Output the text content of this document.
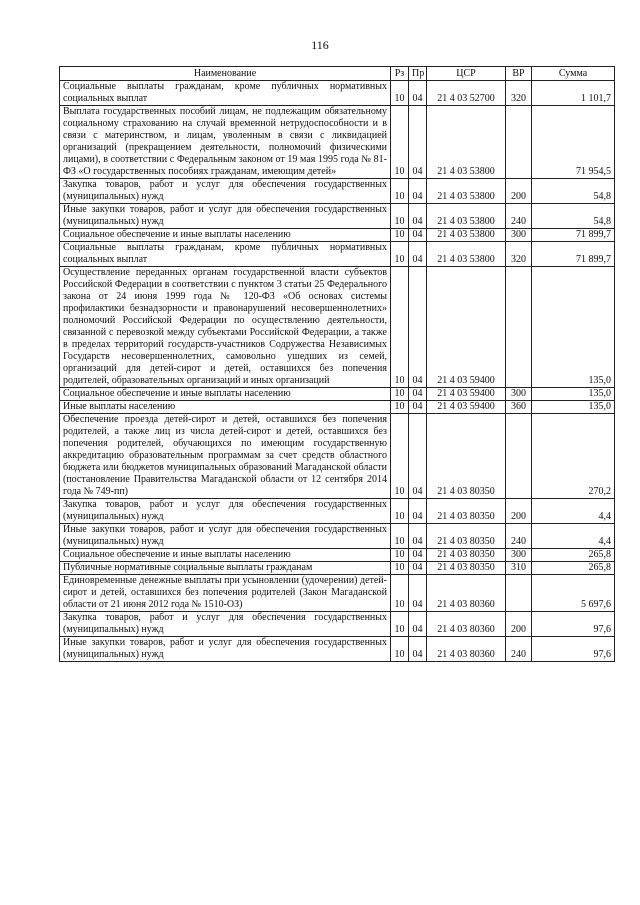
116
Наименование	Рз	Пр	ЦСР	ВР	Сумма
Социальные выплаты гражданам, кроме публичных нормативных социальных выплат	10	04	21 4 03 52700	320	1 101,7
Выплата государственных пособий лицам, не подлежащим обязательному социальному страхованию на случай временной нетрудоспособности и в связи с материнством, и лицам, уволенным в связи с ликвидацией организаций (прекращением деятельности, полномочий физическими лицами), в соответствии с Федеральным законом от 19 мая 1995 года № 81-ФЗ «О государственных пособиях гражданам, имеющим детей»	10	04	21 4 03 53800		71 954,5
Закупка товаров, работ и услуг для обеспечения государственных (муниципальных) нужд	10	04	21 4 03 53800	200	54,8
Иные закупки товаров, работ и услуг для обеспечения государственных (муниципальных) нужд	10	04	21 4 03 53800	240	54,8
Социальное обеспечение и иные выплаты населению	10	04	21 4 03 53800	300	71 899,7
Социальные выплаты гражданам, кроме публичных нормативных социальных выплат	10	04	21 4 03 53800	320	71 899,7
Осуществление переданных органам государственной власти субъектов Российской Федерации в соответствии с пунктом 3 статьи 25 Федерального закона от 24 июня 1999 года № 120-ФЗ «Об основах системы профилактики безнадзорности и правонарушений несовершеннолетних» полномочий Российской Федерации по осуществлению деятельности, связанной с перевозкой между субъектами Российской Федерации, а также в пределах территорий государств-участников Содружества Независимых Государств несовершеннолетних, самовольно ушедших из семей, организаций для детей-сирот и детей, оставшихся без попечения родителей, образовательных организаций и иных организаций	10	04	21 4 03 59400		135,0
Социальное обеспечение и иные выплаты населению	10	04	21 4 03 59400	300	135,0
Иные выплаты населению	10	04	21 4 03 59400	360	135,0
Обеспечение проезда детей-сирот и детей, оставшихся без попечения родителей, а также лиц из числа детей-сирот и детей, оставшихся без попечения родителей, обучающихся по имеющим государственную аккредитацию образовательным программам за счет средств областного бюджета или бюджетов муниципальных образований Магаданской области (постановление Правительства Магаданской области от 12 сентября 2014 года № 749-пп)	10	04	21 4 03 80350		270,2
Закупка товаров, работ и услуг для обеспечения государственных (муниципальных) нужд	10	04	21 4 03 80350	200	4,4
Иные закупки товаров, работ и услуг для обеспечения государственных (муниципальных) нужд	10	04	21 4 03 80350	240	4,4
Социальное обеспечение и иные выплаты населению	10	04	21 4 03 80350	300	265,8
Публичные нормативные социальные выплаты гражданам	10	04	21 4 03 80350	310	265,8
Единовременные денежные выплаты при усыновлении (удочерении) детей-сирот и детей, оставшихся без попечения родителей (Закон Магаданской области от 21 июня 2012 года № 1510-ОЗ)	10	04	21 4 03 80360		5 697,6
Закупка товаров, работ и услуг для обеспечения государственных (муниципальных) нужд	10	04	21 4 03 80360	200	97,6
Иные закупки товаров, работ и услуг для обеспечения государственных (муниципальных) нужд	10	04	21 4 03 80360	240	97,6
